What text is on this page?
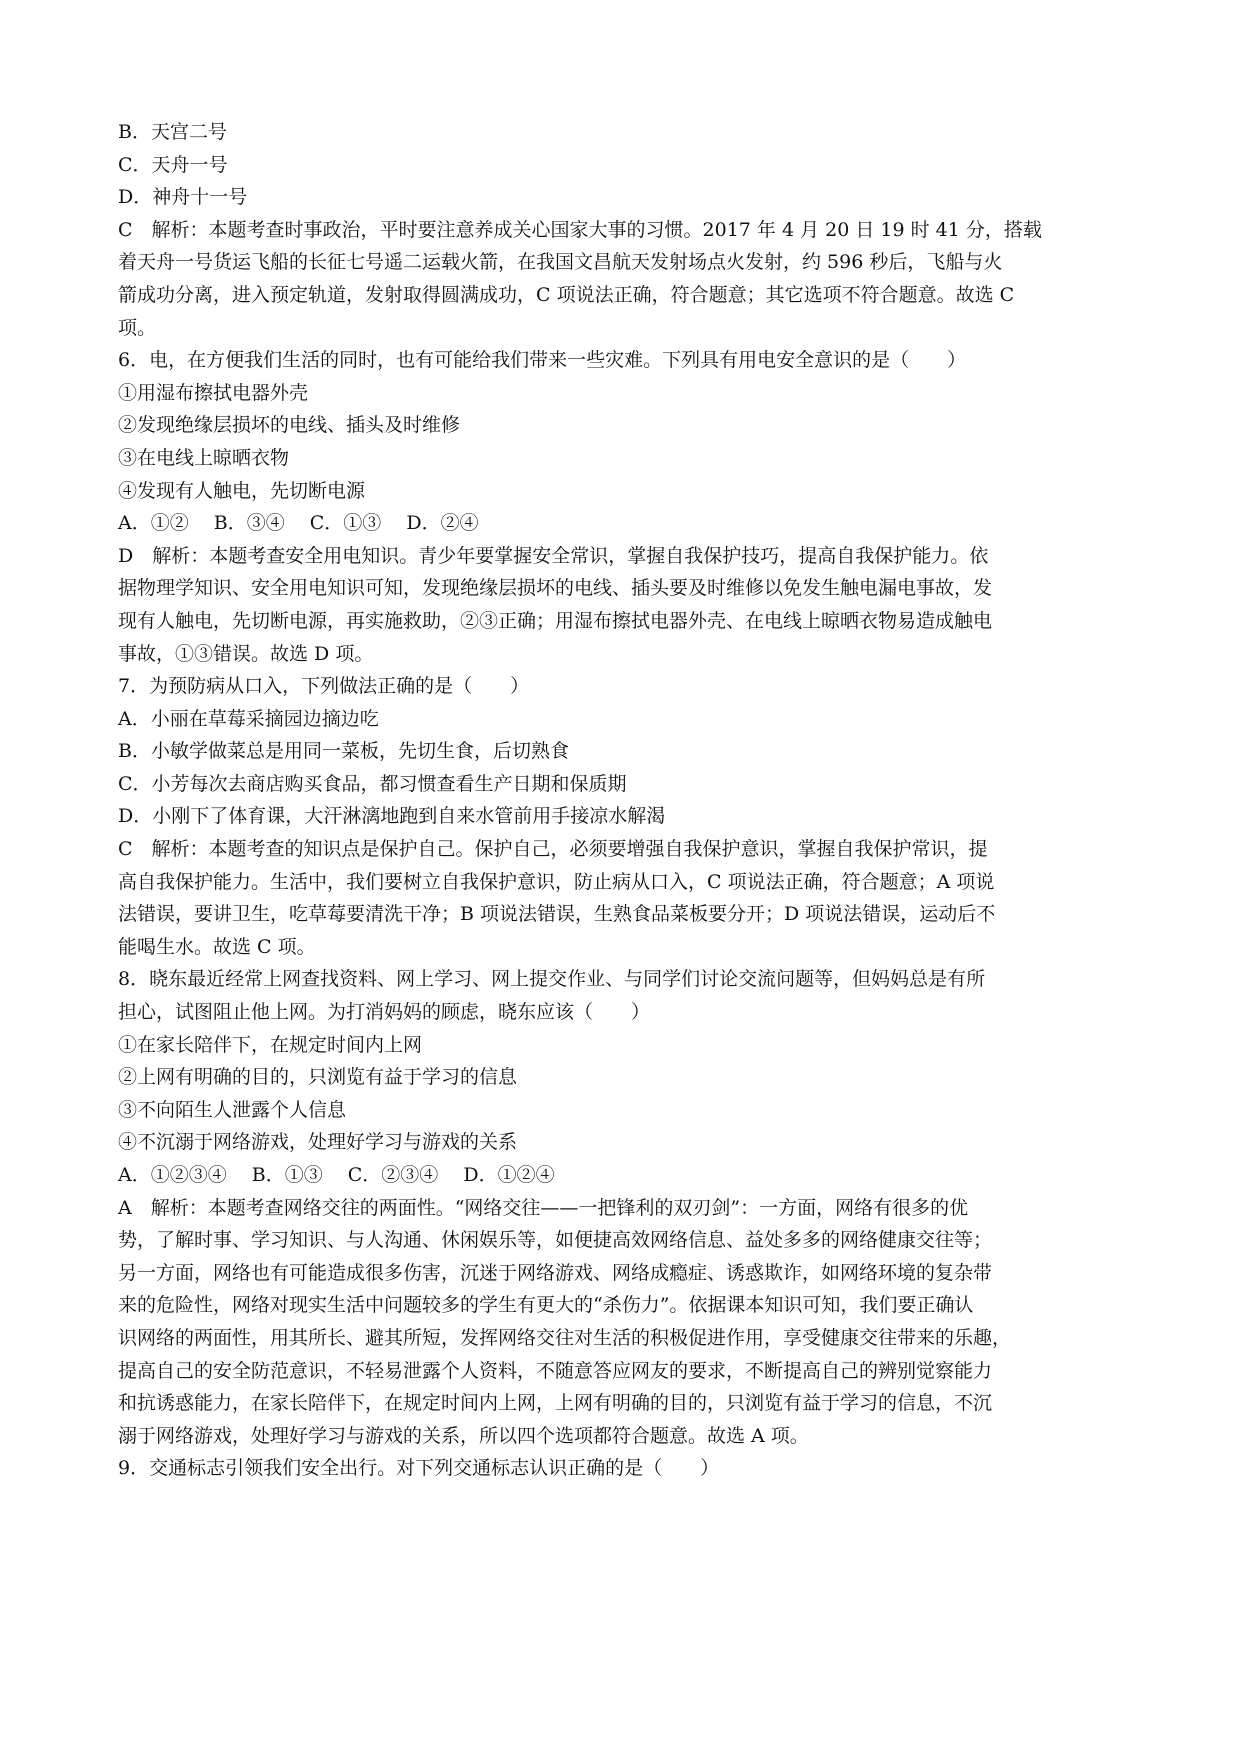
B．天宫二号
C．天舟一号
D．神舟十一号
C　解析：本题考查时事政治，平时要注意养成关心国家大事的习惯。2017 年 4 月 20 日 19 时 41 分，搭载
着天舟一号货运飞船的长征七号遥二运载火箭，在我国文昌航天发射场点火发射，约 596 秒后，飞船与火
箭成功分离，进入预定轨道，发射取得圆满成功，C 项说法正确，符合题意；其它选项不符合题意。故选 C
项。
6．电，在方便我们生活的同时，也有可能给我们带来一些灾难。下列具有用电安全意识的是（　　）
①用湿布擦拭电器外壳
②发现绝缘层损坏的电线、插头及时维修
③在电线上晾晒衣物
④发现有人触电，先切断电源
A．①②　 B．③④　 C．①③　 D．②④
D　解析：本题考查安全用电知识。青少年要掌握安全常识，掌握自我保护技巧，提高自我保护能力。依
据物理学知识、安全用电知识可知，发现绝缘层损坏的电线、插头要及时维修以免发生触电漏电事故，发
现有人触电，先切断电源，再实施救助，②③正确；用湿布擦拭电器外壳、在电线上晾晒衣物易造成触电
事故，①③错误。故选 D 项。
7．为预防病从口入，下列做法正确的是（　　）
A．小丽在草莓采摘园边摘边吃
B．小敏学做菜总是用同一菜板，先切生食，后切熟食
C．小芳每次去商店购买食品，都习惯查看生产日期和保质期
D．小刚下了体育课，大汗淋漓地跑到自来水管前用手接凉水解渴
C　解析：本题考查的知识点是保护自己。保护自己，必须要增强自我保护意识，掌握自我保护常识，提
高自我保护能力。生活中，我们要树立自我保护意识，防止病从口入，C 项说法正确，符合题意；A 项说
法错误，要讲卫生，吃草莓要清洗干净；B 项说法错误，生熟食品菜板要分开；D 项说法错误，运动后不
能喝生水。故选 C 项。
8．晓东最近经常上网查找资料、网上学习、网上提交作业、与同学们讨论交流问题等，但妈妈总是有所
担心，试图阻止他上网。为打消妈妈的顾虑，晓东应该（　　）
①在家长陪伴下，在规定时间内上网
②上网有明确的目的，只浏览有益于学习的信息
③不向陌生人泄露个人信息
④不沉溺于网络游戏，处理好学习与游戏的关系
A．①②③④　 B．①③　 C．②③④　 D．①②④
A　解析：本题考查网络交往的两面性。“网络交往——一把锋利的双刃剑”：一方面，网络有很多的优
势，了解时事、学习知识、与人沟通、休闲娱乐等，如便捷高效网络信息、益处多多的网络健康交往等；
另一方面，网络也有可能造成很多伤害，沉迷于网络游戏、网络成瘾症、诱惑欺诈，如网络环境的复杂带
来的危险性，网络对现实生活中问题较多的学生有更大的“杀伤力”。依据课本知识可知，我们要正确认
识网络的两面性，用其所长、避其所短，发挥网络交往对生活的积极促进作用，享受健康交往带来的乐趣，
提高自己的安全防范意识，不轻易泄露个人资料，不随意答应网友的要求，不断提高自己的辨别觉察能力
和抗诱惑能力，在家长陪伴下，在规定时间内上网，上网有明确的目的，只浏览有益于学习的信息，不沉
溺于网络游戏，处理好学习与游戏的关系，所以四个选项都符合题意。故选 A 项。
9．交通标志引领我们安全出行。对下列交通标志认识正确的是（　　）
